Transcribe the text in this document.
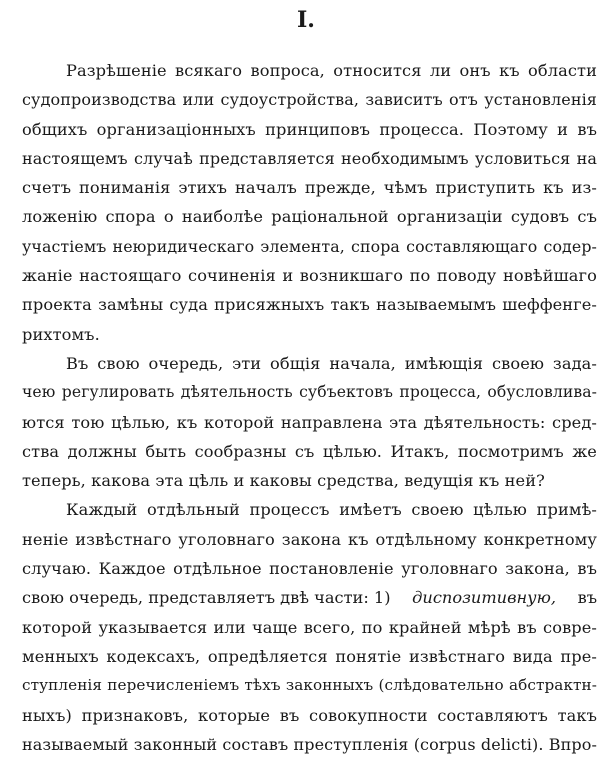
I.
Разрѣшеніе всякаго вопроса, относится ли онъ къ области
судопроизводства или судоустройства, зависитъ отъ установленія
общихъ организаціонныхъ принциповъ процесса. Поэтому и въ
настоящемъ случаѣ представляется необходимымъ условиться на
счетъ пониманія этихъ началъ прежде, чѣмъ приступить къ из-
ложенію спора о наиболѣе раціональной организаціи судовъ съ
участіемъ неюридическаго элемента, спора составляющаго содер-
жаніе настоящаго сочиненія и возникшаго по поводу новѣйшаго
проекта замѣны суда присяжныхъ такъ называемымъ шеффенге-
рихтомъ.
Въ свою очередь, эти общія начала, имѣющія своею зада-
чею регулировать дѣятельность субъектовъ процесса, обусловлива-
ются тою цѣлью, къ которой направлена эта дѣятельность: сред-
ства должны быть сообразны съ цѣлью. Итакъ, посмотримъ же
теперь, какова эта цѣль и каковы средства, ведущія къ ней?
Каждый отдѣльный процессъ имѣетъ своею цѣлью примѣ-
неніе извѣстнаго уголовнаго закона къ отдѣльному конкретному
случаю. Каждое отдѣльное постановленіе уголовнаго закона, въ
свою очередь, представляетъ двѣ части: 1) диспозитивную, въ
которой указывается или чаще всего, по крайней мѣрѣ въ совре-
менныхъ кодексахъ, опредѣляется понятіе извѣстнаго вида пре-
ступленія перечисленіемъ тѣхъ законныхъ (слѣдовательно абстрактн-
ныхъ) признаковъ, которые въ совокупности составляютъ такъ
называемый законный составъ преступленія (corpus delicti). Впро-
